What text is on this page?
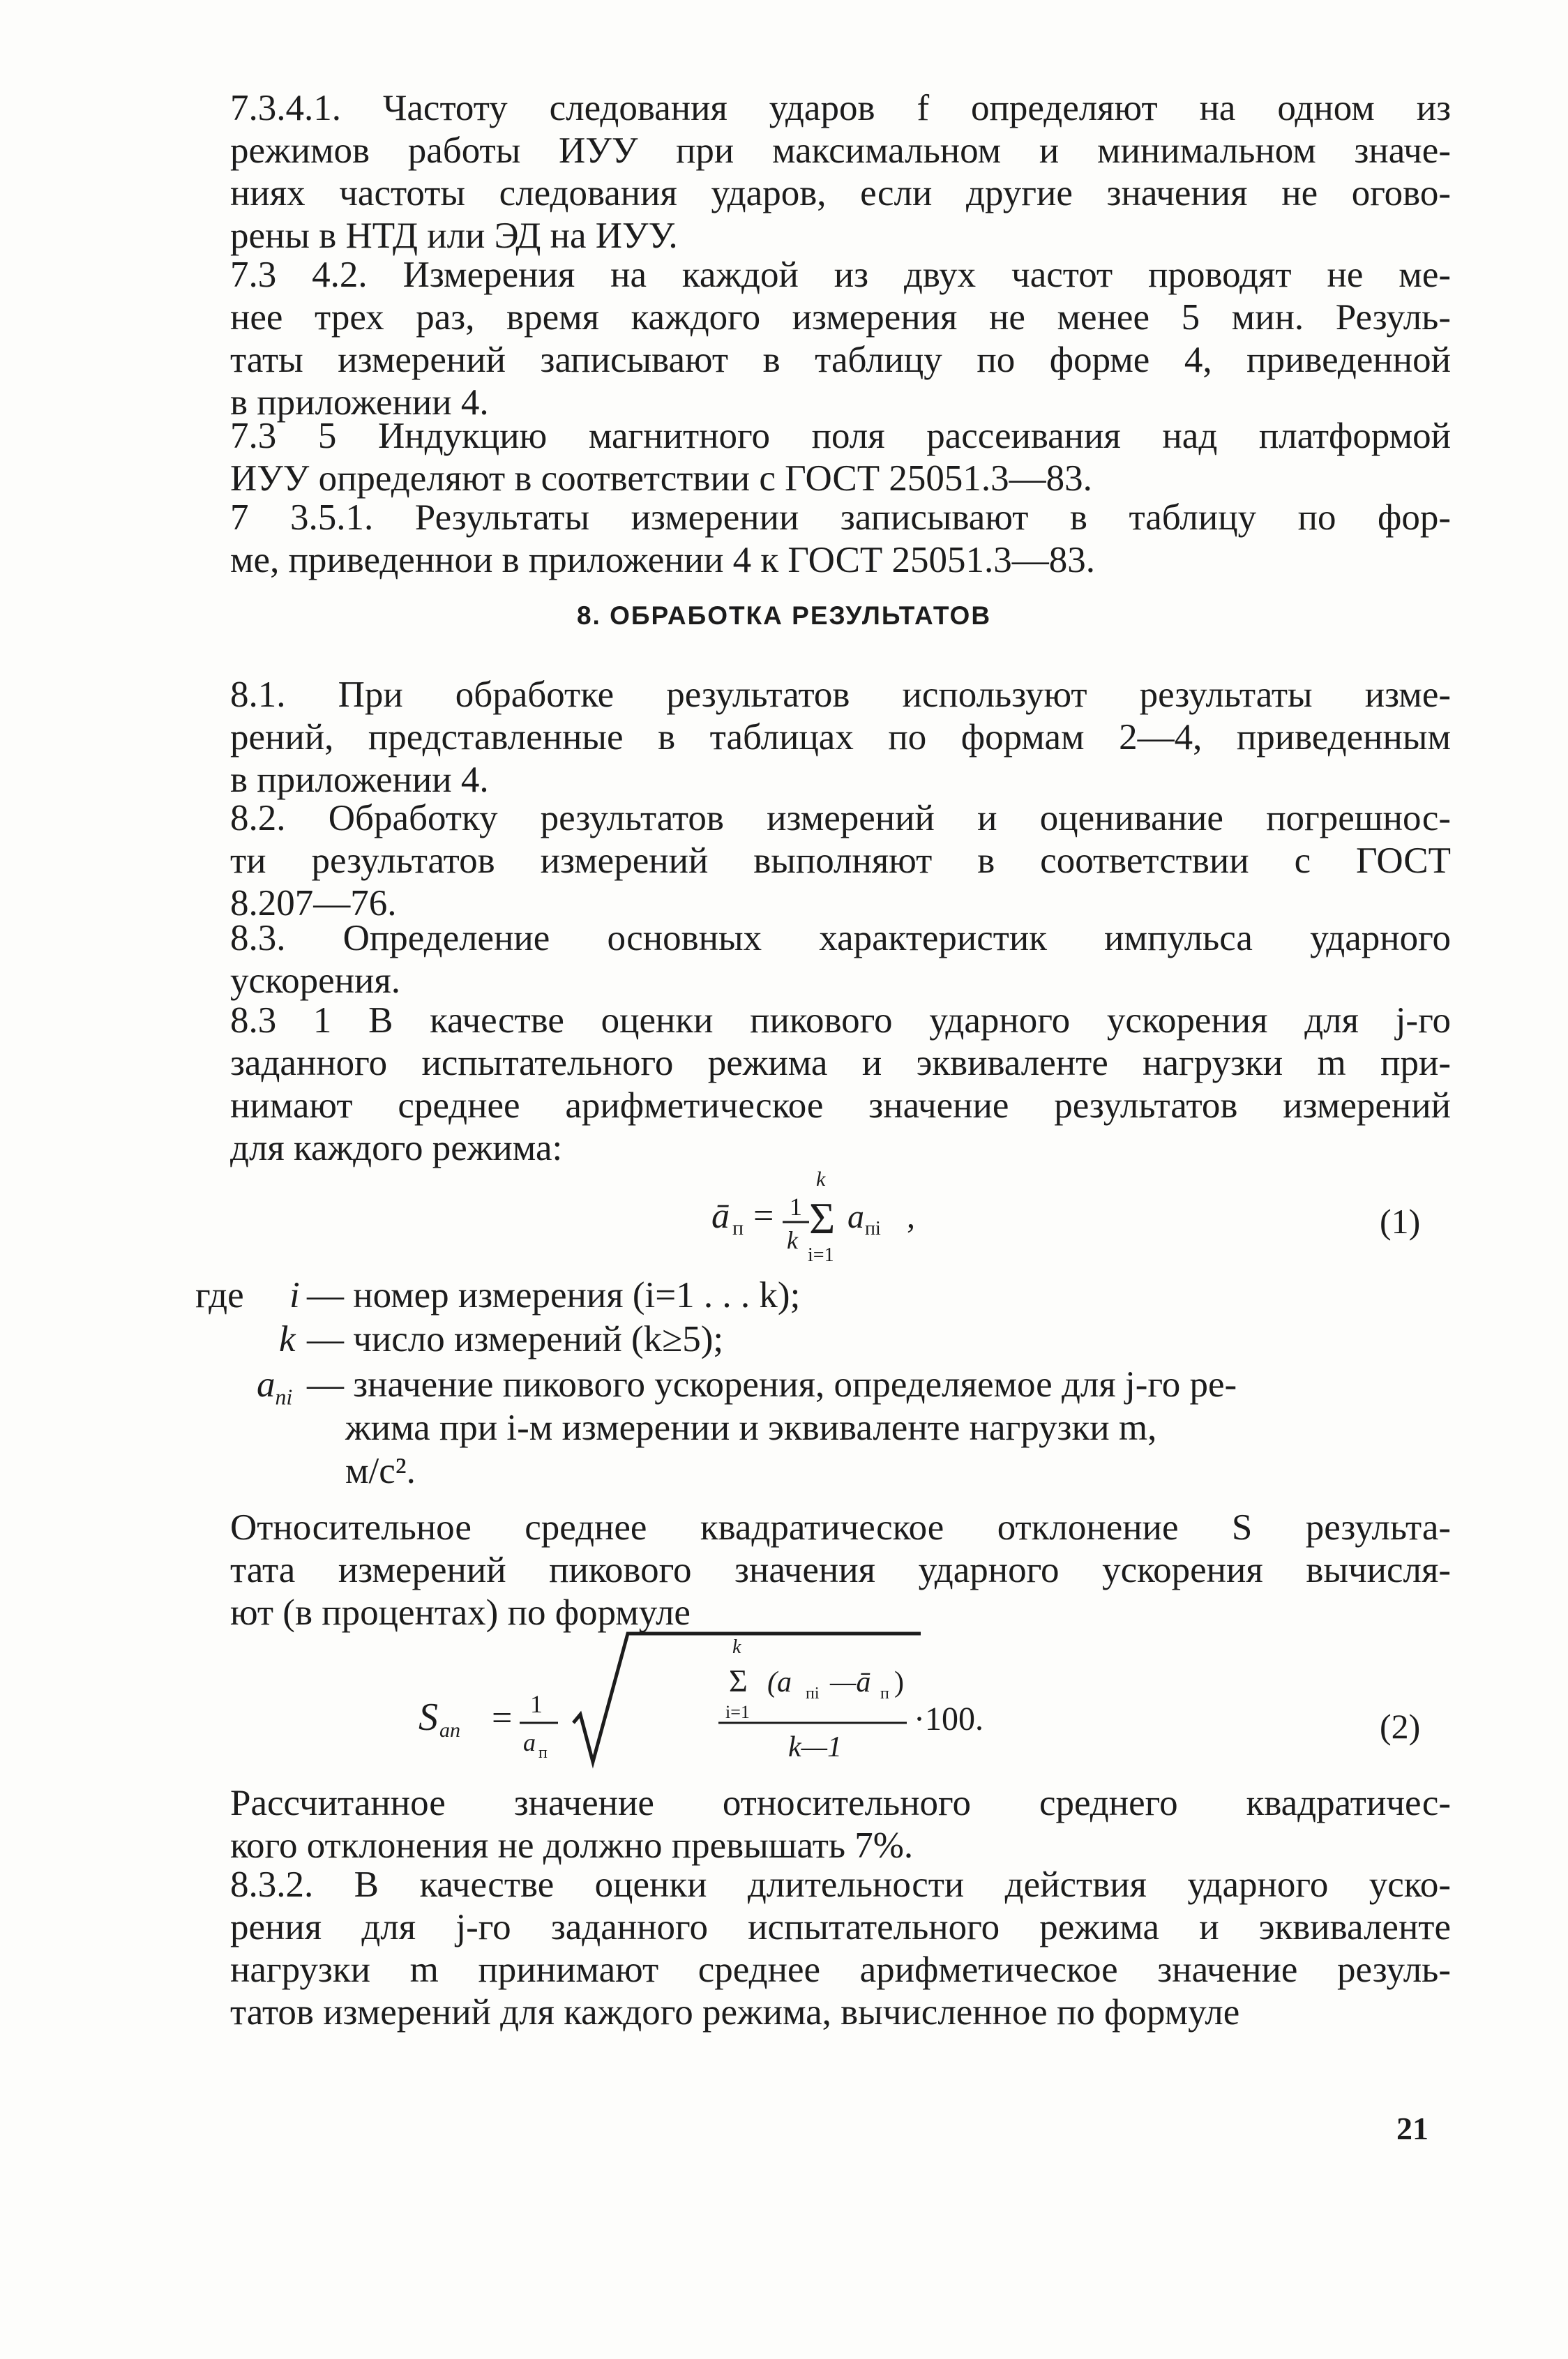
7.3.4.1. Частоту следования ударов f определяют на одном из
режимов работы ИУУ при максимальном и минимальном значе-
ниях частоты следования ударов, если другие значения не огово-
рены в НТД или ЭД на ИУУ.
7.3 4.2. Измерения на каждой из двух частот проводят не ме-
нее трех раз, время каждого измерения не менее 5 мин. Резуль-
таты измерений записывают в таблицу по форме 4, приведенной
в приложении 4.
7.3 5 Индукцию магнитного поля рассеивания над платформой
ИУУ определяют в соответствии с ГОСТ 25051.3—83.
7 3.5.1. Результаты измерении записывают в таблицу по фор-
ме, приведеннои в приложении 4 к ГОСТ 25051.3—83.
8. ОБРАБОТКА РЕЗУЛЬТАТОВ
8.1. При обработке результатов используют результаты изме-
рений, представленные в таблицах по формам 2—4, приведенным
в приложении 4.
8.2. Обработку результатов измерений и оценивание погрешнос-
ти результатов измерений выполняют в соответствии с ГОСТ
8.207—76.
8.3. Определение основных характеристик импульса ударного
ускорения.
8.3 1 В качестве оценки пикового ударного ускорения для j-го
заданного испытательного режима и эквиваленте нагрузки m при-
нимают среднее арифметическое значение результатов измерений
для каждого режима:
ā п = 1
k
k
Σ
i=1
a пi ,	(1)
где i — номер измерения (i=1 . . . k);
k — число измерений (k≥5);
$a_{пi}$ — значение пикового ускорения, определяемое для j-го ре-
жима при i-м измерении и эквиваленте нагрузки m,
м/с².
Относительное среднее квадратическое отклонение S результа-
тата измерений пикового значения ударного ускорения вычисля-
ют (в процентах) по формуле
S aп = 1
a п
k
Σ (a пi —ā п )
i=1
k—1
·100.	(2)
Рассчитанное значение относительного среднего квадратичес-
кого отклонения не должно превышать 7%.
8.3.2. В качестве оценки длительности действия ударного уско-
рения для j-го заданного испытательного режима и эквиваленте
нагрузки m принимают среднее арифметическое значение резуль-
татов измерений для каждого режима, вычисленное по формуле
21
